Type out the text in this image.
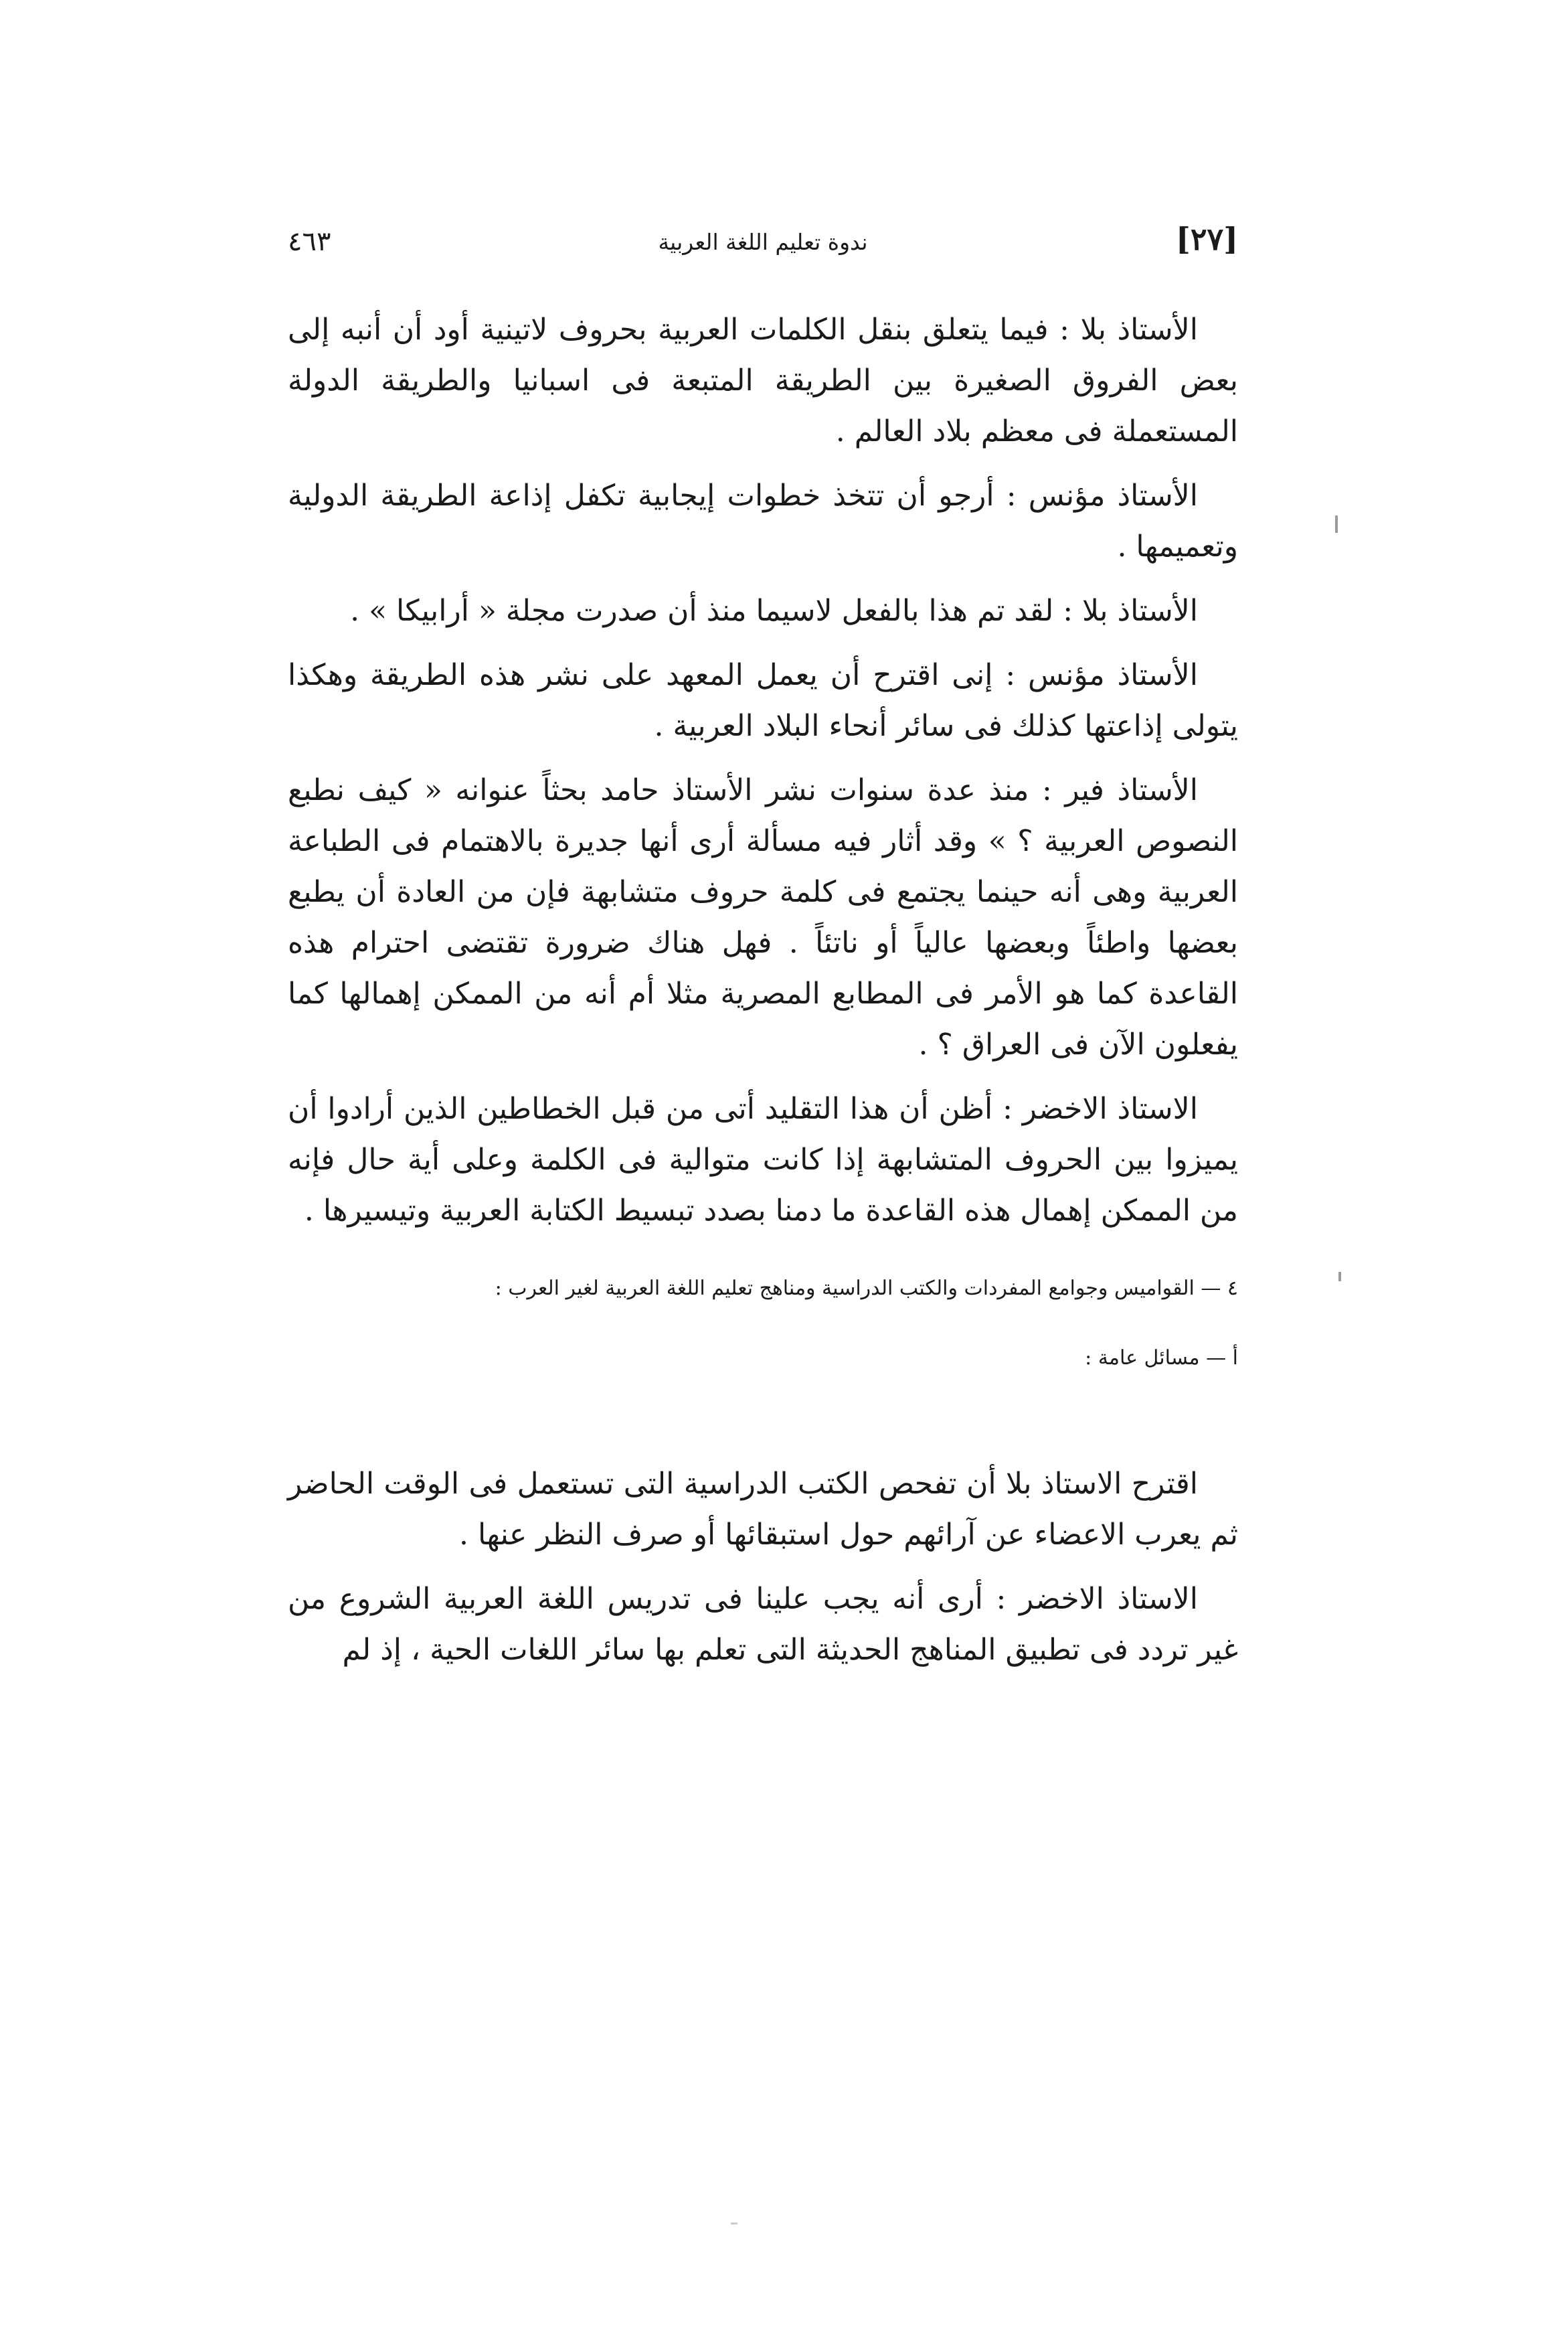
٤٦٣	ندوة تعليم اللغة العربية	[٢٧]

الأستاذ بلا : فيما يتعلق بنقل الكلمات العربية بحروف لاتينية أود أن أنبه إلى بعض الفروق الصغيرة بين الطريقة المتبعة فى اسبانيا والطريقة الدولة المستعملة فى معظم بلاد العالم .

الأستاذ مؤنس : أرجو أن تتخذ خطوات إيجابية تكفل إذاعة الطريقة الدولية وتعميمها .

الأستاذ بلا : لقد تم هذا بالفعل لاسيما منذ أن صدرت مجلة « أرابيكا » .

الأستاذ مؤنس : إنى اقترح أن يعمل المعهد على نشر هذه الطريقة وهكذا يتولى إذاعتها كذلك فى سائر أنحاء البلاد العربية .

الأستاذ فير : منذ عدة سنوات نشر الأستاذ حامد بحثاً عنوانه « كيف نطبع النصوص العربية ؟ » وقد أثار فيه مسألة أرى أنها جديرة بالاهتمام فى الطباعة العربية وهى أنه حينما يجتمع فى كلمة حروف متشابهة فإن من العادة أن يطبع بعضها واطئاً وبعضها عالياً أو ناتئاً . فهل هناك ضرورة تقتضى احترام هذه القاعدة كما هو الأمر فى المطابع المصرية مثلا أم أنه من الممكن إهمالها كما يفعلون الآن فى العراق ؟ .

الاستاذ الاخضر : أظن أن هذا التقليد أتى من قبل الخطاطين الذين أرادوا أن يميزوا بين الحروف المتشابهة إذا كانت متوالية فى الكلمة وعلى أية حال فإنه من الممكن إهمال هذه القاعدة ما دمنا بصدد تبسيط الكتابة العربية وتيسيرها .

٤ — القواميس وجوامع المفردات والكتب الدراسية ومناهج تعليم اللغة العربية لغير العرب :
أ — مسائل عامة :

اقترح الاستاذ بلا أن تفحص الكتب الدراسية التى تستعمل فى الوقت الحاضر ثم يعرب الاعضاء عن آرائهم حول استبقائها أو صرف النظر عنها .

الاستاذ الاخضر : أرى أنه يجب علينا فى تدريس اللغة العربية الشروع من غير تردد فى تطبيق المناهج الحديثة التى تعلم بها سائر اللغات الحية ، إذ لم
